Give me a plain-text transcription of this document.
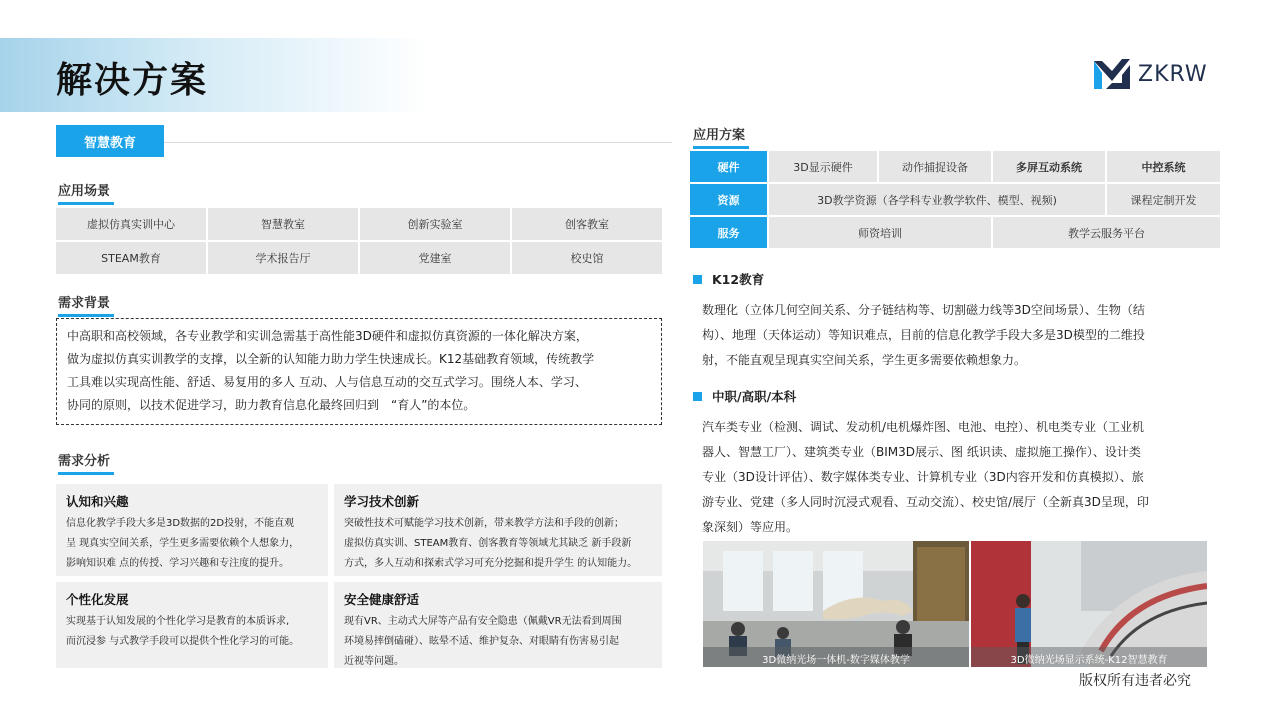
解决方案	ZKRW
智慧教育
应用场景
虚拟仿真实训中心	智慧教室	创新实验室	创客教室
STEAM教育	学术报告厅	党建室	校史馆
需求背景
中高职和高校领域，各专业教学和实训急需基于高性能3D硬件和虚拟仿真资源的一体化解决方案，
做为虚拟仿真实训教学的支撑，以全新的认知能力助力学生快速成长。K12基础教育领域，传统教学
工具难以实现高性能、舒适、易复用的多人 互动、人与信息互动的交互式学习。围绕人本、学习、
协同的原则，以技术促进学习，助力教育信息化最终回归到　“育人”的本位。
需求分析
认知和兴趣
信息化教学手段大多是3D数据的2D投射，不能直观
呈 现真实空间关系，学生更多需要依赖个人想象力，
影响知识难 点的传授、学习兴趣和专注度的提升。
学习技术创新
突破性技术可赋能学习技术创新，带来教学方法和手段的创新；
虚拟仿真实训、STEAM教育、创客教育等领域尤其缺乏 新手段新
方式，多人互动和探索式学习可充分挖掘和提升学生 的认知能力。
个性化发展
实现基于认知发展的个性化学习是教育的本质诉求,
而沉浸参 与式教学手段可以提供个性化学习的可能。
安全健康舒适
现有VR、主动式大屏等产品有安全隐患（佩戴VR无法看到周围
环境易摔倒磕碰）、眩晕不适、维护复杂、对眼睛有伤害易引起
近视等问题。
应用方案
硬件	3D显示硬件	动作捕捉设备	多屏互动系统	中控系统
资源	3D教学资源（各学科专业教学软件、模型、视频)	课程定制开发
服务	师资培训	教学云服务平台
K12教育
数理化（立体几何空间关系、分子链结构等、切割磁力线等3D空间场景）、生物（结
构）、地理（天体运动）等知识难点，目前的信息化教学手段大多是3D模型的二维投
射，不能直观呈现真实空间关系，学生更多需要依赖想象力。
中职/高职/本科
汽车类专业（检测、调试、发动机/电机爆炸图、电池、电控）、机电类专业（工业机
器人、智慧工厂）、建筑类专业（BIM3D展示、图 纸识读、虚拟施工操作）、设计类
专业（3D设计评估）、数字媒体类专业、计算机专业（3D内容开发和仿真模拟）、旅
游专业、党建（多人同时沉浸式观看、互动交流）、校史馆/展厅（全新真3D呈现，印
象深刻）等应用。
3D微纳光场一体机-数字媒体教学	3D微纳光场显示系统-K12智慧教育
版权所有违者必究
